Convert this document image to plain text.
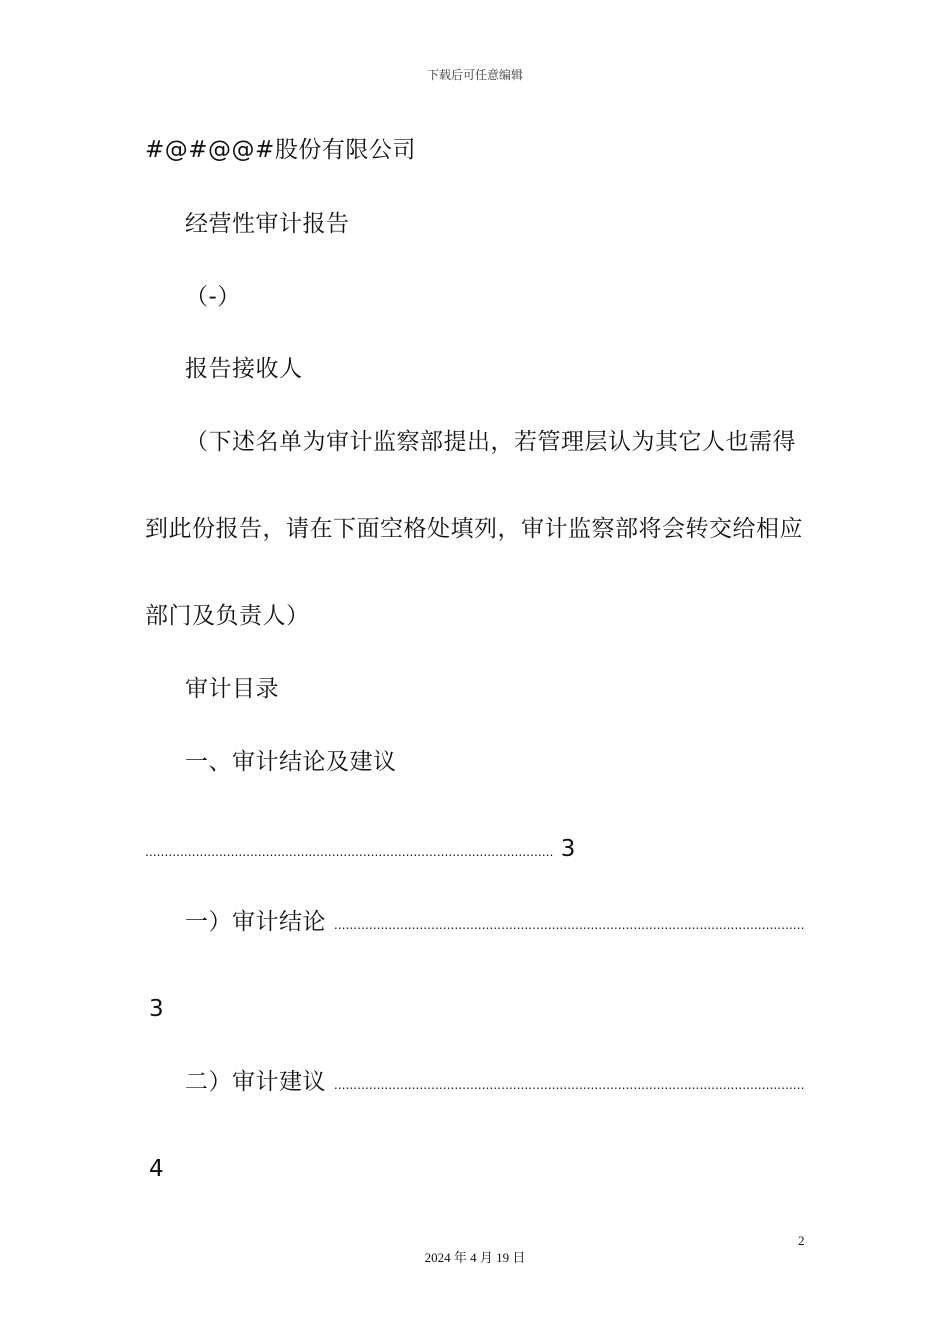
下载后可任意编辑
#@#@@#股份有限公司
经营性审计报告
（-）
报告接收人
（下述名单为审计监察部提出，若管理层认为其它人也需得
到此份报告，请在下面空格处填列，审计监察部将会转交给相应
部门及负责人）
审计目录
一、审计结论及建议
......................................................................................................... 3
一）审计结论 .........................................................................................................................
3
二）审计建议 .........................................................................................................................
4
2
2024 年 4 月 19 日
